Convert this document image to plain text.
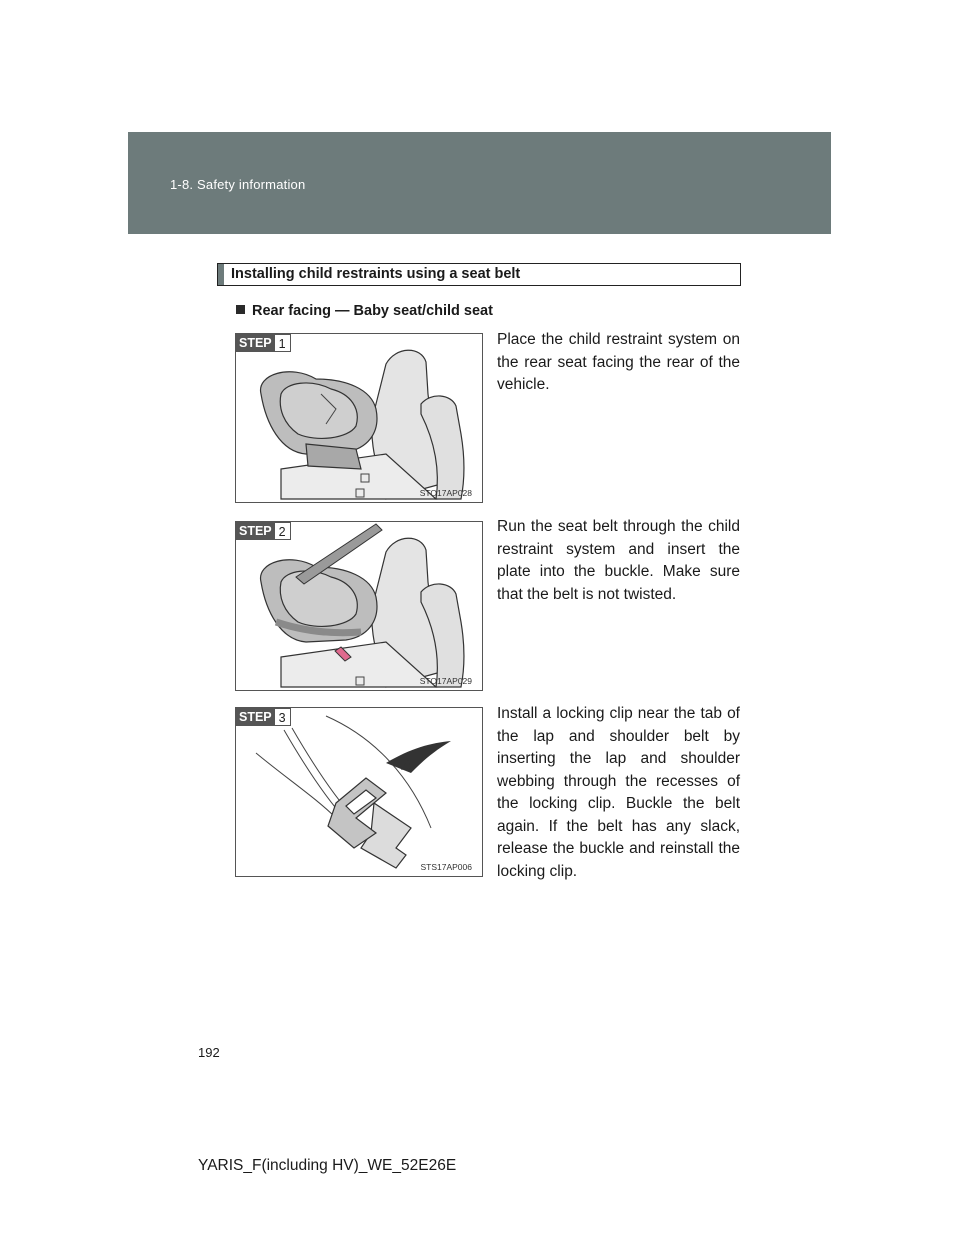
1-8. Safety information
Installing child restraints using a seat belt
Rear facing — Baby seat/child seat
STEP 1
STO17AP028
Place the child restraint system on the rear seat facing the rear of the vehicle.
STEP 2
STO17AP029
Run the seat belt through the child restraint system and insert the plate into the buckle. Make sure that the belt is not twisted.
STEP 3
STS17AP006
Install a locking clip near the tab of the lap and shoulder belt by inserting the lap and shoulder webbing through the recesses of the locking clip. Buckle the belt again. If the belt has any slack, release the buckle and reinstall the locking clip.
192
YARIS_F(including HV)_WE_52E26E
